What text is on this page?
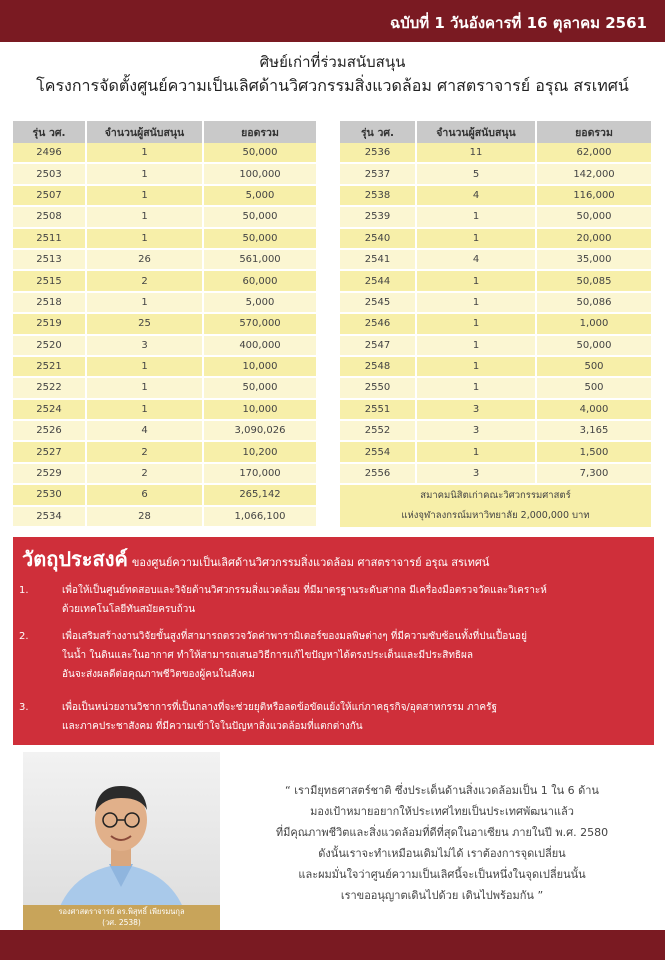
ฉบับที่ 1 วันอังคารที่ 16 ตุลาคม 2561
ศิษย์เก่าที่ร่วมสนับสนุน
โครงการจัดตั้งศูนย์ความเป็นเลิศด้านวิศวกรรมสิ่งแวดล้อม ศาสตราจารย์ อรุณ สรเทศน์
รุ่น วศ.	จำนวนผู้สนับสนุน	ยอดรวม
2496	1	50,000
2503	1	100,000
2507	1	5,000
2508	1	50,000
2511	1	50,000
2513	26	561,000
2515	2	60,000
2518	1	5,000
2519	25	570,000
2520	3	400,000
2521	1	10,000
2522	1	50,000
2524	1	10,000
2526	4	3,090,026
2527	2	10,200
2529	2	170,000
2530	6	265,142
2534	28	1,066,100
รุ่น วศ.	จำนวนผู้สนับสนุน	ยอดรวม
2536	11	62,000
2537	5	142,000
2538	4	116,000
2539	1	50,000
2540	1	20,000
2541	4	35,000
2544	1	50,085
2545	1	50,086
2546	1	1,000
2547	1	50,000
2548	1	500
2550	1	500
2551	3	4,000
2552	3	3,165
2554	1	1,500
2556	3	7,300

สมาคมนิสิตเก่าคณะวิศวกรรมศาสตร์
แห่งจุฬาลงกรณ์มหาวิทยาลัย 2,000,000 บาท		
วัตถุประสงค์ ของศูนย์ความเป็นเลิศด้านวิศวกรรมสิ่งแวดล้อม ศาสตราจารย์ อรุณ สรเทศน์
1.	เพื่อให้เป็นศูนย์ทดสอบและวิจัยด้านวิศวกรรมสิ่งแวดล้อม ที่มีมาตรฐานระดับสากล มีเครื่องมือตรวจวัดและวิเคราะห์
ด้วยเทคโนโลยีทันสมัยครบถ้วน
2.	เพื่อเสริมสร้างงานวิจัยขั้นสูงที่สามารถตรวจวัดค่าพารามิเตอร์ของมลพิษต่างๆ ที่มีความซับซ้อนทั้งที่ปนเปื้อนอยู่
ในน้ำ ในดินและในอากาศ ทำให้สามารถเสนอวิธีการแก้ไขปัญหาได้ตรงประเด็นและมีประสิทธิผล
อันจะส่งผลดีต่อคุณภาพชีวิตของผู้คนในสังคม
3.	เพื่อเป็นหน่วยงานวิชาการที่เป็นกลางที่จะช่วยยุติหรือลดข้อขัดแย้งให้แก่ภาคธุรกิจ/อุตสาหกรรม ภาครัฐ
และภาคประชาสังคม ที่มีความเข้าใจในปัญหาสิ่งแวดล้อมที่แตกต่างกัน
รองศาสตราจารย์ ดร.พิสุทธิ์ เพียรมนกุล
(วศ. 2538)
“ เรามียุทธศาสตร์ชาติ ซึ่งประเด็นด้านสิ่งแวดล้อมเป็น 1 ใน 6 ด้าน
มองเป้าหมายอยากให้ประเทศไทยเป็นประเทศพัฒนาแล้ว
ที่มีคุณภาพชีวิตและสิ่งแวดล้อมที่ดีที่สุดในอาเซียน ภายในปี พ.ศ. 2580
ดังนั้นเราจะทำเหมือนเดิมไม่ได้ เราต้องการจุดเปลี่ยน
และผมมั่นใจว่าศูนย์ความเป็นเลิศนี้จะเป็นหนึ่งในจุดเปลี่ยนนั้น
เราขออนุญาตเดินไปด้วย เดินไปพร้อมกัน ”
